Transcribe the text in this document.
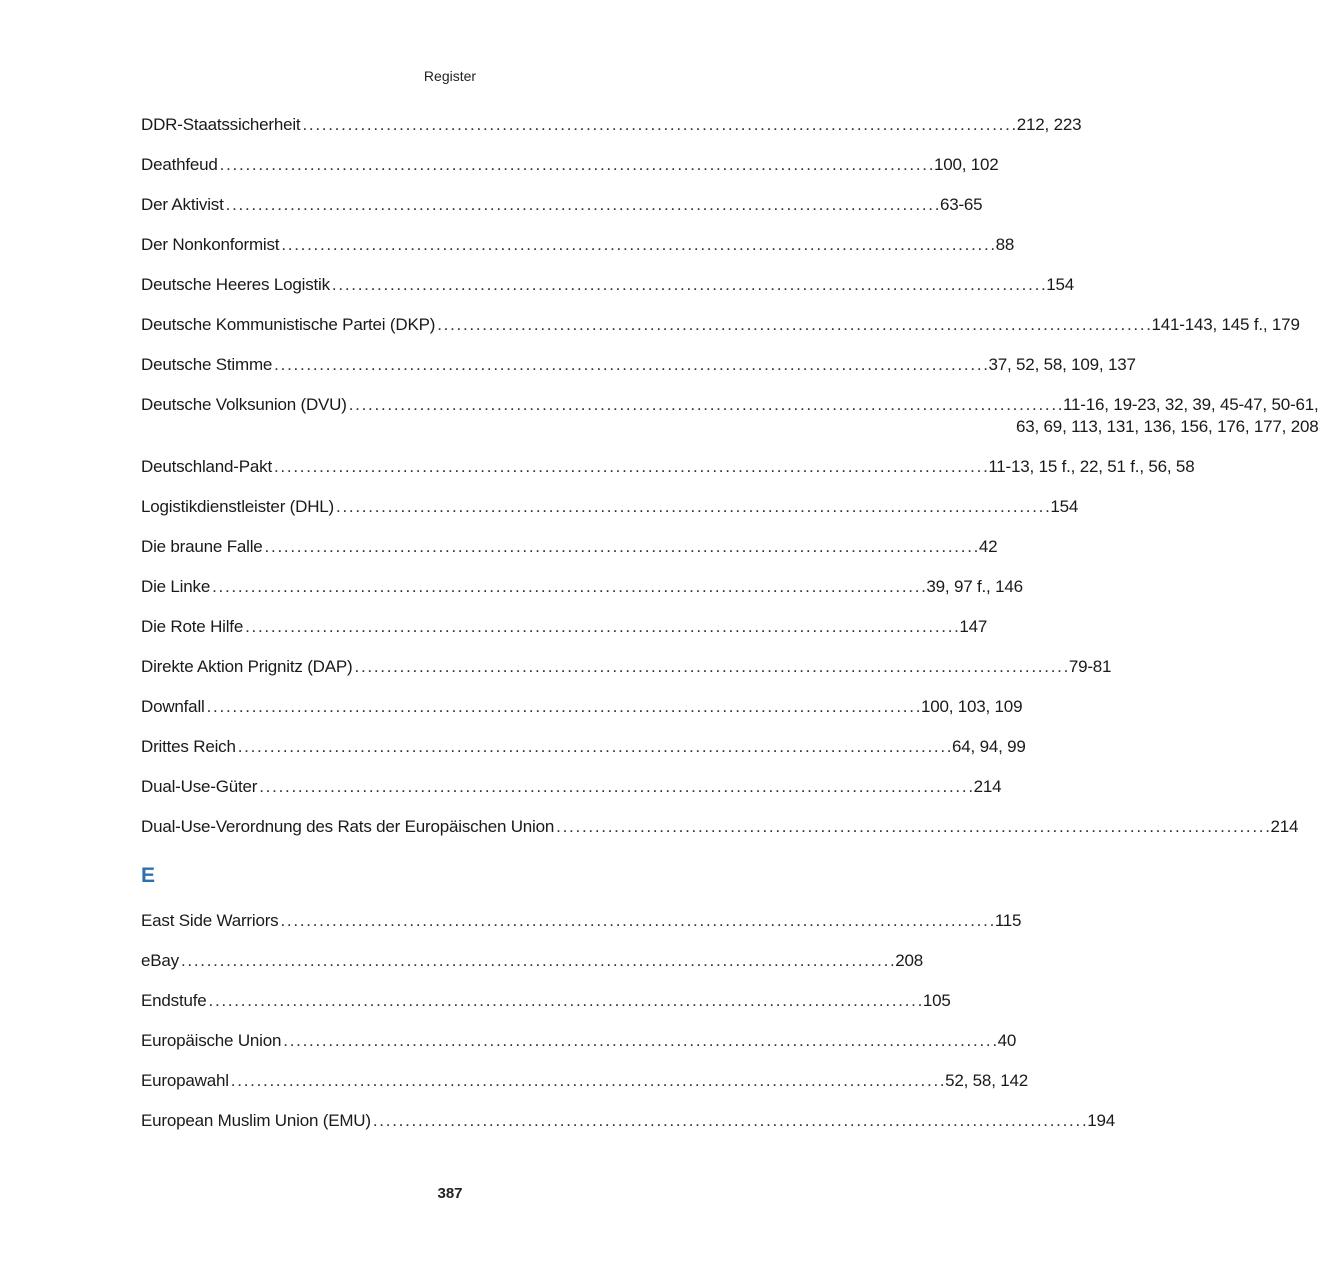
Register
DDR-Staatssicherheit . . .	212, 223
Deathfeud . . .	100, 102
Der Aktivist . . .	63-65
Der Nonkonformist . . .	88
Deutsche Heeres Logistik . . .	154
Deutsche Kommunistische Partei (DKP) . . .	141-143, 145 f., 179
Deutsche Stimme . . .	37, 52, 58, 109, 137
Deutsche Volksunion (DVU) . . .	11-16, 19-23, 32, 39, 45-47, 50-61,
63, 69, 113, 131, 136, 156, 176, 177, 208
Deutschland-Pakt . . .	11-13, 15 f., 22, 51 f., 56, 58
Logistikdienstleister (DHL) . . .	154
Die braune Falle . . .	42
Die Linke . . .	39, 97 f., 146
Die Rote Hilfe . . .	147
Direkte Aktion Prignitz (DAP) . . .	79-81
Downfall . . .	100, 103, 109
Drittes Reich . . .	64, 94, 99
Dual-Use-Güter . . .	214
Dual-Use-Verordnung des Rats der Europäischen Union . . .	214
E
East Side Warriors . . .	115
eBay . . .	208
Endstufe . . .	105
Europäische Union . . .	40
Europawahl . . .	52, 58, 142
European Muslim Union (EMU) . . .	194
387
